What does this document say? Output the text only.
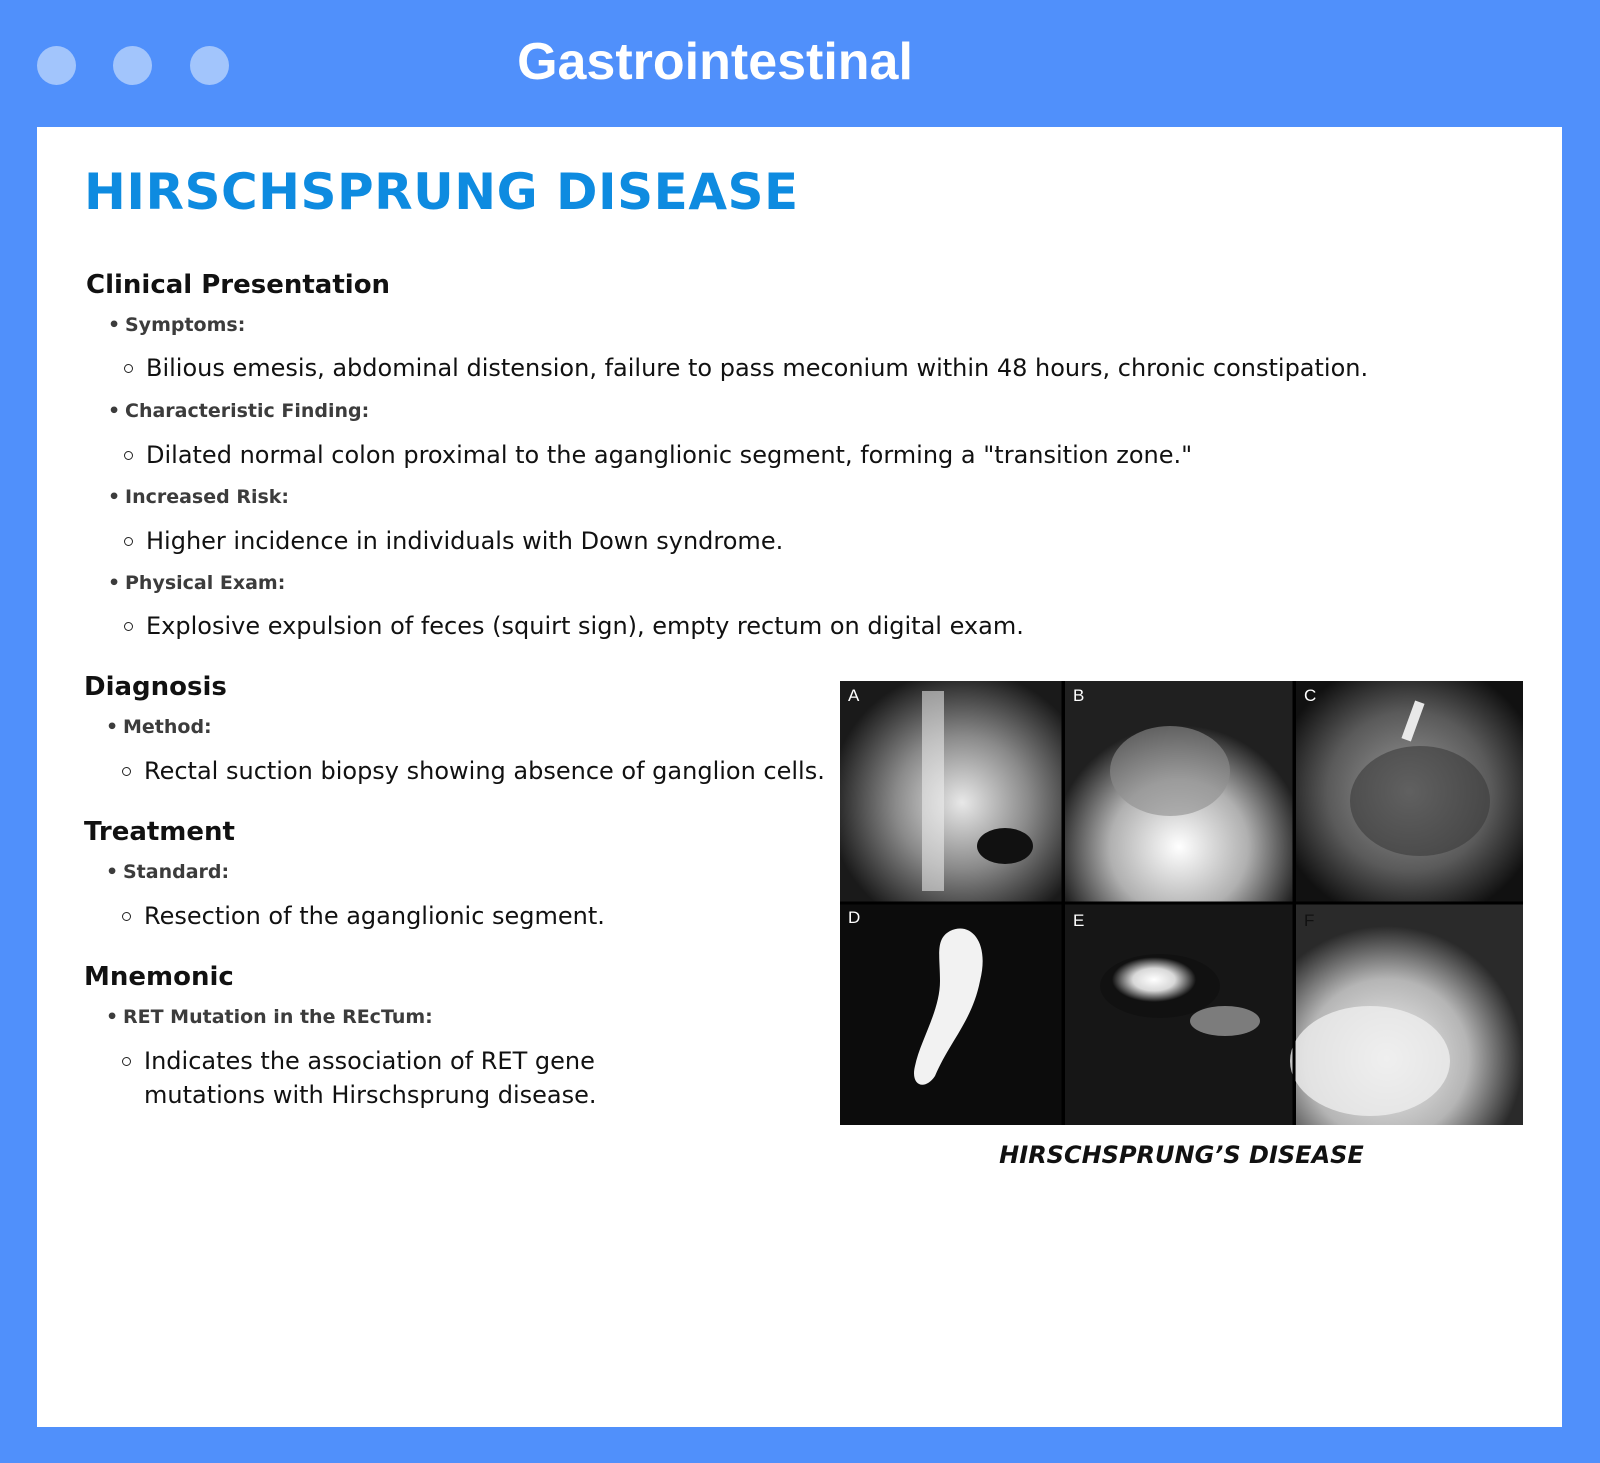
Gastrointestinal
HIRSCHSPRUNG DISEASE
Clinical Presentation
• Symptoms:
Bilious emesis, abdominal distension, failure to pass meconium within 48 hours, chronic constipation.
• Characteristic Finding:
Dilated normal colon proximal to the aganglionic segment, forming a "transition zone."
• Increased Risk:
Higher incidence in individuals with Down syndrome.
• Physical Exam:
Explosive expulsion of feces (squirt sign), empty rectum on digital exam.
Diagnosis
• Method:
Rectal suction biopsy showing absence of ganglion cells.
Treatment
• Standard:
Resection of the aganglionic segment.
Mnemonic
• RET Mutation in the REcTum:
Indicates the association of RET gene mutations with Hirschsprung disease.
A	B	C
D	E	F
HIRSCHSPRUNG’S DISEASE
